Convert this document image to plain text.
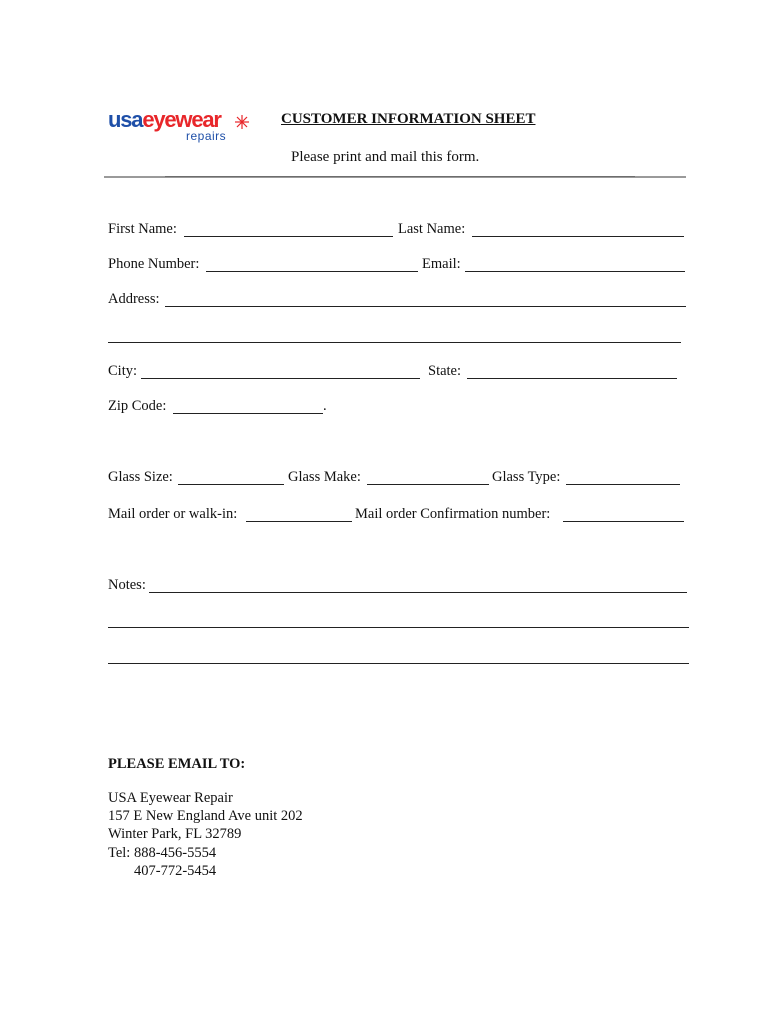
usaeyewear
repairs
CUSTOMER INFORMATION SHEET
Please print and mail this form.
First Name:	Last Name:
Phone Number:	Email:
Address:
City:	State:
Zip Code:	.
Glass Size:	Glass Make:	Glass Type:
Mail order or walk-in:	Mail order Confirmation number:
Notes:
PLEASE EMAIL TO:
USA Eyewear Repair
157 E New England Ave unit 202
Winter Park, FL 32789
Tel: 888-456-5554
407-772-5454
